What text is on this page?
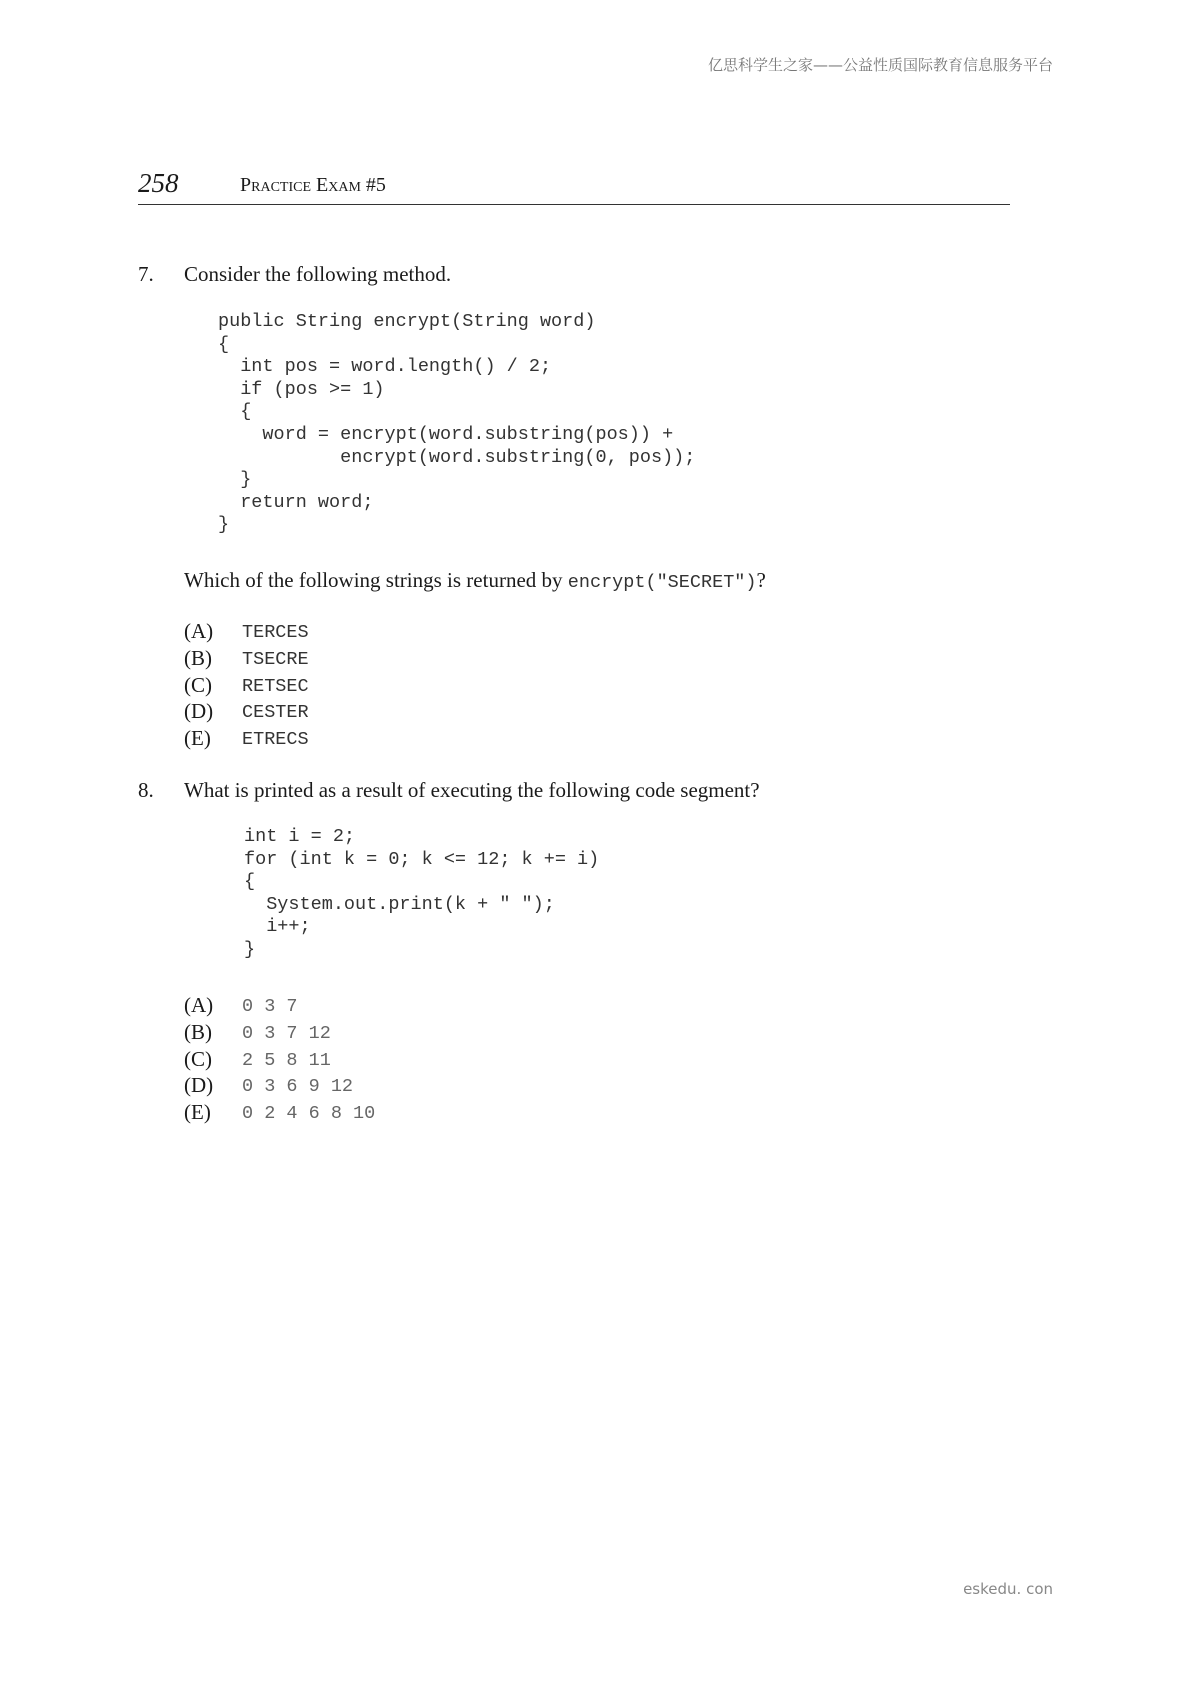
亿思科学生之家——公益性质国际教育信息服务平台
258	Practice Exam #5
7. Consider the following method.
public String encrypt(String word)
{
int pos = word.length() / 2;
if (pos >= 1)
{
word = encrypt(word.substring(pos)) +
encrypt(word.substring(0, pos));
}
return word;
}
Which of the following strings is returned by encrypt("SECRET")?
(A) TERCES
(B) TSECRE
(C) RETSEC
(D) CESTER
(E) ETRECS
8. What is printed as a result of executing the following code segment?
int i = 2;
for (int k = 0; k <= 12; k += i)
{
System.out.print(k + " ");
i++;
}
(A) 0 3 7
(B) 0 3 7 12
(C) 2 5 8 11
(D) 0 3 6 9 12
(E) 0 2 4 6 8 10
eskedu. con
